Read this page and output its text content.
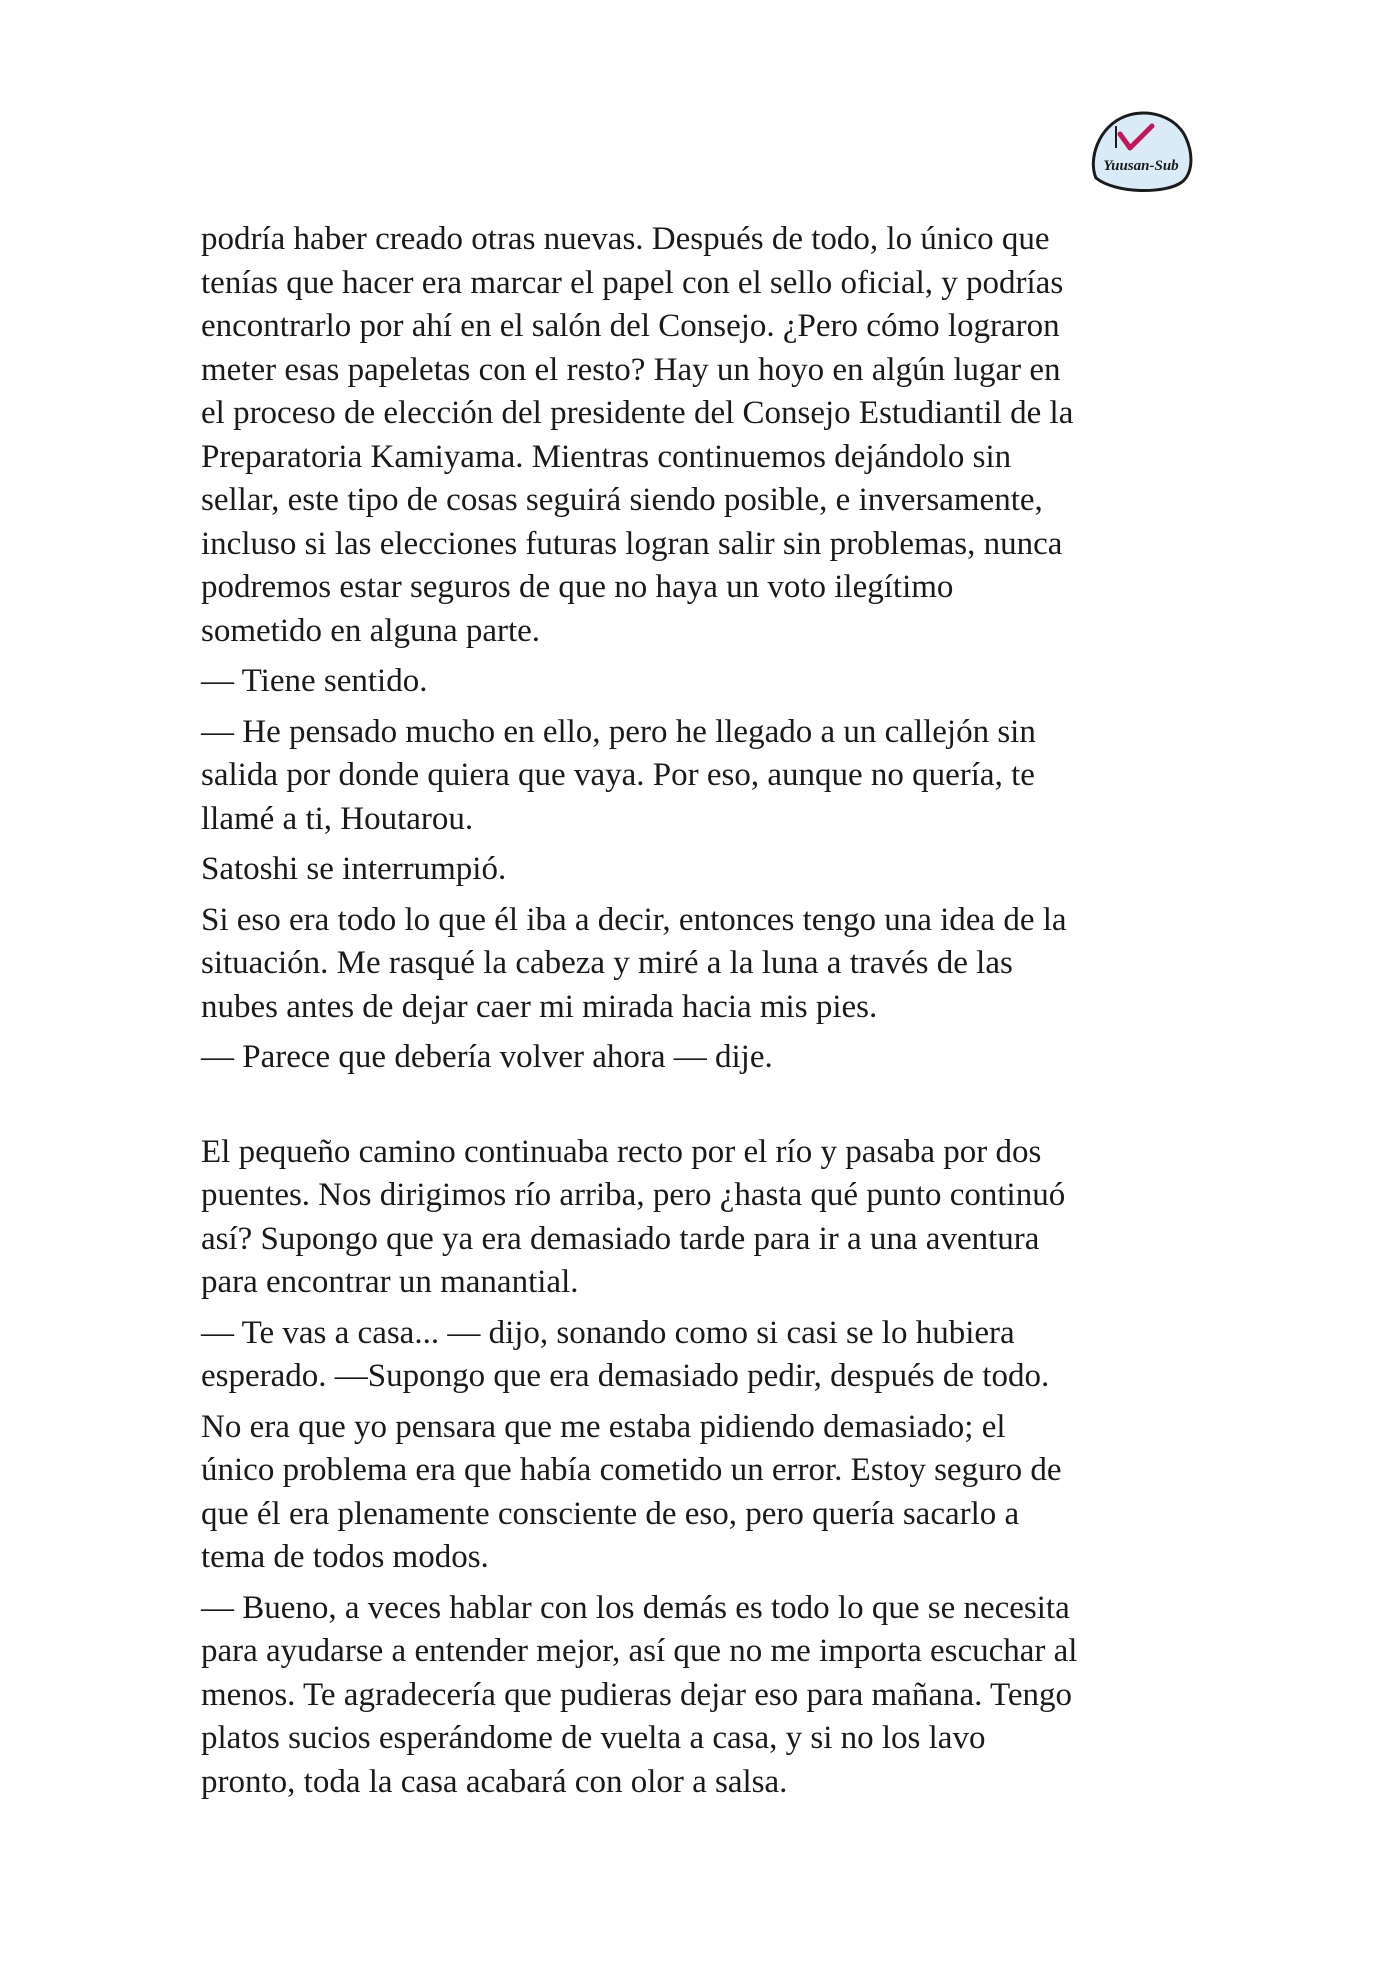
Yuusan-Sub

podría haber creado otras nuevas. Después de todo, lo único que
tenías que hacer era marcar el papel con el sello oficial, y podrías
encontrarlo por ahí en el salón del Consejo. ¿Pero cómo lograron
meter esas papeletas con el resto? Hay un hoyo en algún lugar en
el proceso de elección del presidente del Consejo Estudiantil de la
Preparatoria Kamiyama. Mientras continuemos dejándolo sin
sellar, este tipo de cosas seguirá siendo posible, e inversamente,
incluso si las elecciones futuras logran salir sin problemas, nunca
podremos estar seguros de que no haya un voto ilegítimo
sometido en alguna parte.

— Tiene sentido.

— He pensado mucho en ello, pero he llegado a un callejón sin
salida por donde quiera que vaya. Por eso, aunque no quería, te
llamé a ti, Houtarou.

Satoshi se interrumpió.

Si eso era todo lo que él iba a decir, entonces tengo una idea de la
situación. Me rasqué la cabeza y miré a la luna a través de las
nubes antes de dejar caer mi mirada hacia mis pies.

— Parece que debería volver ahora — dije.

El pequeño camino continuaba recto por el río y pasaba por dos
puentes. Nos dirigimos río arriba, pero ¿hasta qué punto continuó
así? Supongo que ya era demasiado tarde para ir a una aventura
para encontrar un manantial.

— Te vas a casa... — dijo, sonando como si casi se lo hubiera
esperado. —Supongo que era demasiado pedir, después de todo.

No era que yo pensara que me estaba pidiendo demasiado; el
único problema era que había cometido un error. Estoy seguro de
que él era plenamente consciente de eso, pero quería sacarlo a
tema de todos modos.

— Bueno, a veces hablar con los demás es todo lo que se necesita
para ayudarse a entender mejor, así que no me importa escuchar al
menos. Te agradecería que pudieras dejar eso para mañana. Tengo
platos sucios esperándome de vuelta a casa, y si no los lavo
pronto, toda la casa acabará con olor a salsa.
